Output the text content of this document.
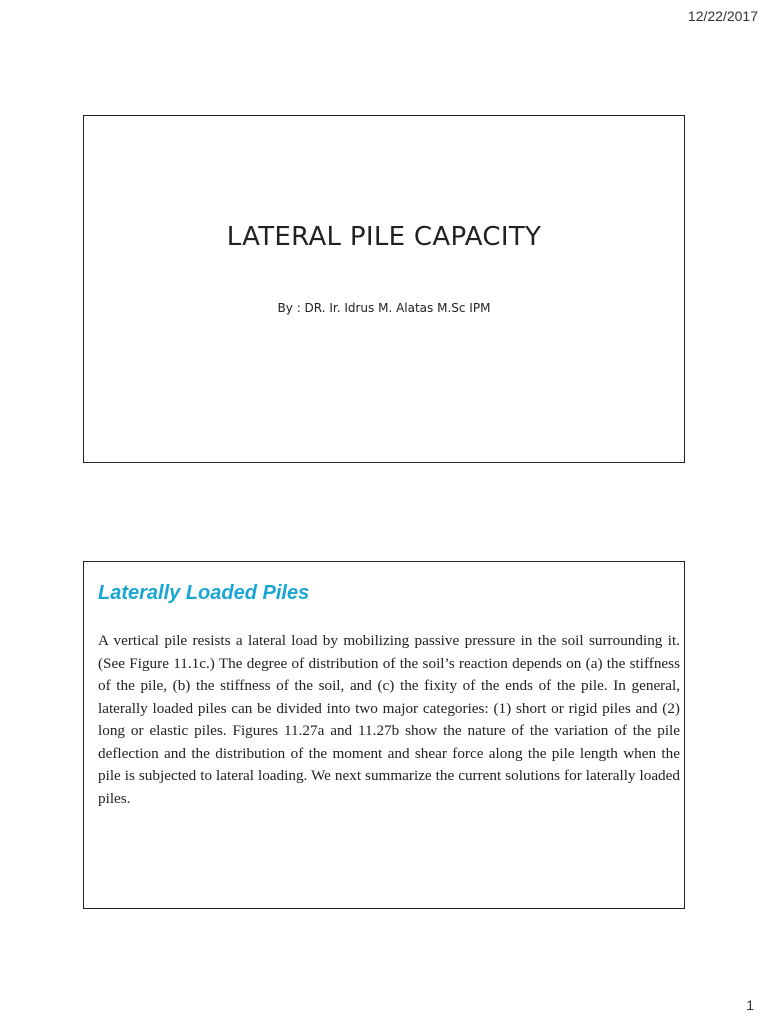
12/22/2017
LATERAL PILE CAPACITY

By : DR. Ir. Idrus M. Alatas M.Sc IPM

Laterally Loaded Piles

A vertical pile resists a lateral load by mobilizing passive pressure in the soil surrounding it. (See Figure 11.1c.) The degree of distribution of the soil’s reaction depends on (a) the stiffness of the pile, (b) the stiffness of the soil, and (c) the fixity of the ends of the pile. In general, laterally loaded piles can be divided into two major categories: (1) short or rigid piles and (2) long or elastic piles. Figures 11.27a and 11.27b show the nature of the variation of the pile deflection and the distribution of the moment and shear force along the pile length when the pile is subjected to lateral loading. We next summarize the current solutions for laterally loaded piles.

1
